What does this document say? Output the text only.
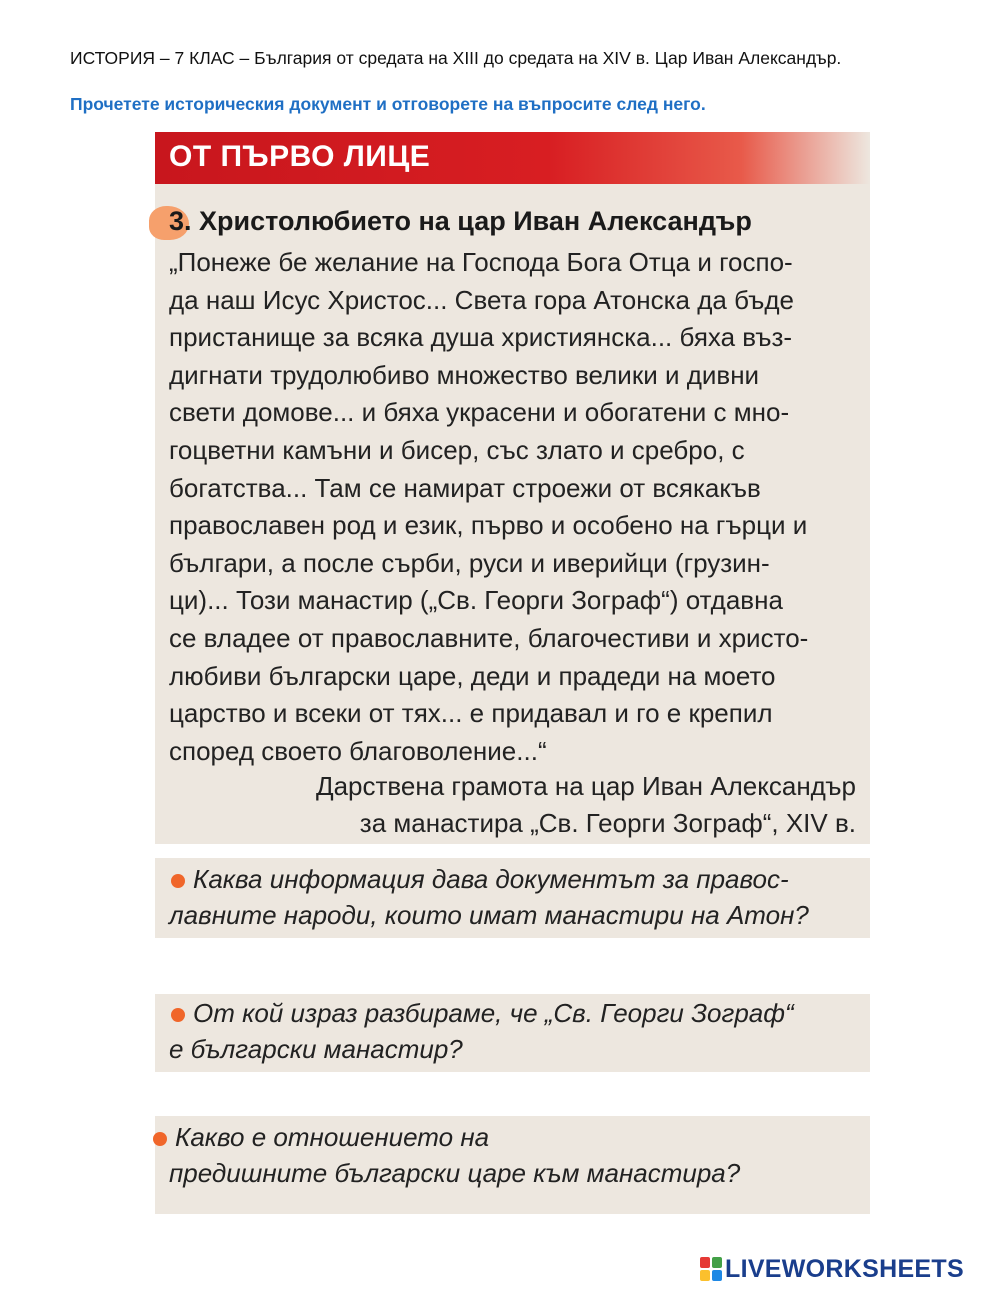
ИСТОРИЯ – 7 КЛАС – България от средата на XIII до средата на XIV в. Цар Иван Александър.
Прочетете историческия документ и отговорете на въпросите след него.
ОТ ПЪРВО ЛИЦЕ
3. Христолюбието на цар Иван Александър
„Понеже бе желание на Господа Бога Отца и госпо-
да наш Исус Христос... Света гора Атонска да бъде
пристанище за всяка душа християнска... бяха въз-
дигнати трудолюбиво множество велики и дивни
свети домове... и бяха украсени и обогатени с мно-
гоцветни камъни и бисер, със злато и сребро, с
богатства... Там се намират строежи от всякакъв
православен род и език, първо и особено на гърци и
българи, а после сърби, руси и иверийци (грузин-
ци)... Този манастир („Св. Георги Зограф“) отдавна
се владее от православните, благочестиви и христо-
любиви български царе, деди и прадеди на моето
царство и всеки от тях... е придавал и го е крепил
според своето благоволение...“
Дарствена грамота на цар Иван Александър
за манастира „Св. Георги Зограф“, XIV в.
Каква информация дава документът за правос-
лавните народи, които имат манастири на Атон?
От кой израз разбираме, че „Св. Георги Зограф“
е български манастир?
Какво е отношението на
предишните български царе към манастира?
LIVEWORKSHEETS
